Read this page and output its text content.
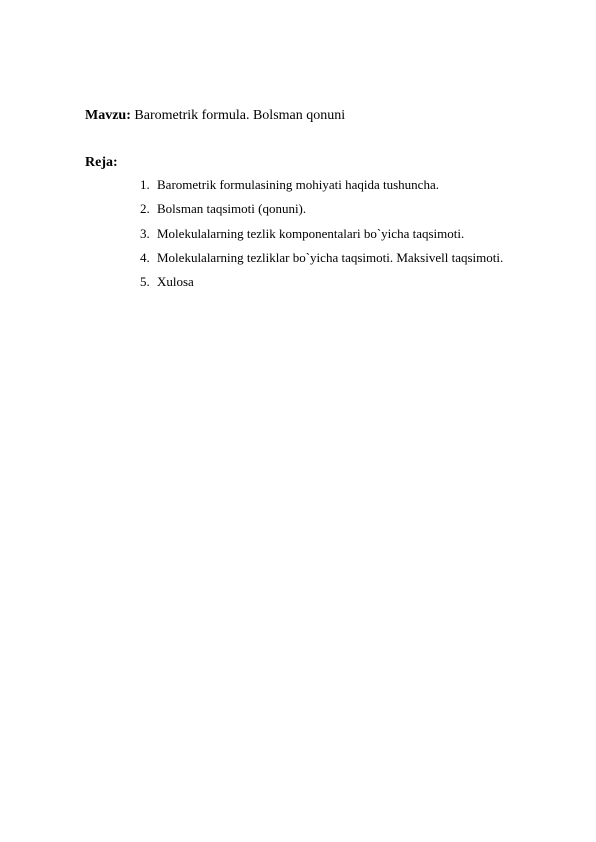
Mavzu: Barometrik formula. Bolsman qonuni
Reja:
1. Barometrik formulasining mohiyati haqida tushuncha.
2. Bolsman taqsimoti (qonuni).
3. Molekulalarning tezlik komponentalari bo`yicha taqsimoti.
4. Molekulalarning tezliklar bo`yicha taqsimoti. Maksivell taqsimoti.
5. Xulosa
